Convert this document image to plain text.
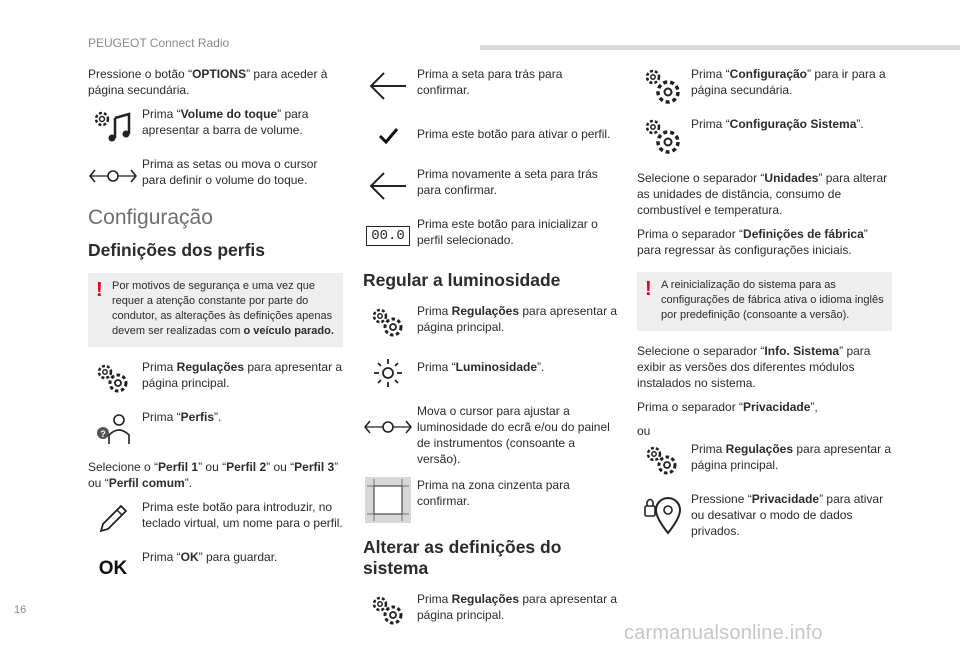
PEUGEOT Connect Radio

Pressione o botão “OPTIONS” para aceder à página secundária.

Prima “Volume do toque” para apresentar a barra de volume.
Prima as setas ou mova o cursor para definir o volume do toque.
Configuração
Definições dos perfis
! Por motivos de segurança e uma vez que requer a atenção constante por parte do condutor, as alterações às definições apenas devem ser realizadas com o veículo parado.
Prima Regulações para apresentar a página principal.
?
Prima “Perfis”.

Selecione o “Perfil 1” ou “Perfil 2” ou “Perfil 3” ou “Perfil comum”.

Prima este botão para introduzir, no teclado virtual, um nome para o perfil.
OK
Prima “OK” para guardar.
Prima a seta para trás para confirmar.
Prima este botão para ativar o perfil.
Prima novamente a seta para trás para confirmar.
00.0
Prima este botão para inicializar o perfil selecionado.
Regular a luminosidade
Prima Regulações para apresentar a página principal.
Prima “Luminosidade”.
Mova o cursor para ajustar a luminosidade do ecrã e/ou do painel de instrumentos (consoante a versão).
Prima na zona cinzenta para confirmar.
Alterar as definições do sistema
Prima Regulações para apresentar a página principal.
Prima “Configuração” para ir para a página secundária.
Prima “Configuração Sistema”.

Selecione o separador “Unidades” para alterar as unidades de distância, consumo de combustível e temperatura.

Prima o separador “Definições de fábrica” para regressar às configurações iniciais.

! A reinicialização do sistema para as configurações de fábrica ativa o idioma inglês por predefinição (consoante a versão).

Selecione o separador “Info. Sistema” para exibir as versões dos diferentes módulos instalados no sistema.

Prima o separador “Privacidade”,

ou

Prima Regulações para apresentar a página principal.
Pressione “Privacidade” para ativar ou desativar o modo de dados privados.
16
carmanualsonline.info
